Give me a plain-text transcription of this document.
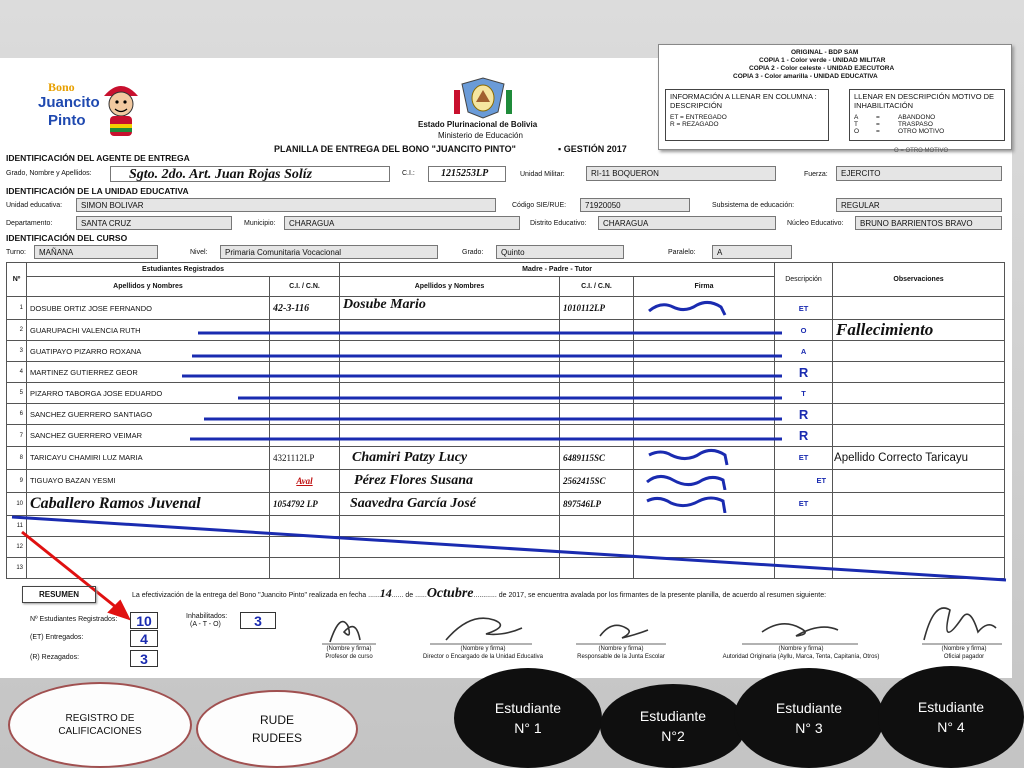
Bono
Juancito
Pinto	Estado Plurinacional de Bolivia
Ministerio de Educación
PLANILLA DE ENTREGA DEL BONO "JUANCITO PINTO"	▪ GESTIÓN 2017
ORIGINAL - BDP SAM
COPIA 1 - Color verde - UNIDAD MILITAR
COPIA 2 - Color celeste - UNIDAD EJECUTORA
COPIA 3 - Color amarilla - UNIDAD EDUCATIVA
INFORMACIÓN A LLENAR EN COLUMNA : DESCRIPCIÓN
ET = ENTREGADO
R = REZAGADO
LLENAR EN DESCRIPCIÓN MOTIVO DE INHABILITACIÓN
A	=	ABANDONO
T	=	TRASPASO
O	=	OTRO MOTIVO
O = OTRO MOTIVO
IDENTIFICACIÓN DEL AGENTE DE ENTREGA
Grado, Nombre y Apellidos:	Sgto. 2do. Art. Juan Rojas Solíz	C.I.:	1215253LP	Unidad Militar:	RI-11 BOQUERON	Fuerza:	EJERCITO
IDENTIFICACIÓN DE LA UNIDAD EDUCATIVA
Unidad educativa:	SIMON BOLIVAR	Código SIE/RUE:	71920050	Subsistema de educación:	REGULAR
Departamento:	SANTA CRUZ	Municipio:	CHARAGUA	Distrito Educativo:	CHARAGUA	Núcleo Educativo:	BRUNO BARRIENTOS BRAVO
IDENTIFICACIÓN DEL CURSO
Turno:	MAÑANA	Nivel:	Primaria Comunitaria Vocacional	Grado:	Quinto	Paralelo:	A
Nº	Estudiantes Registrados		Madre - Padre - Tutor			Descripción	Observaciones
	Apellidos y Nombres	C.I. / C.N.	Apellidos y Nombres	C.I. / C.N.	Firma		
1	DOSUBE ORTIZ JOSE FERNANDO	42-3-116	Dosube Mario	1010112LP		ET	
2	GUARUPACHI VALENCIA RUTH					O	Fallecimiento
3	GUATIPAYO PIZARRO ROXANA					A	
4	MARTINEZ GUTIERREZ GEOR					R	
5	PIZARRO TABORGA JOSE EDUARDO					T	
6	SANCHEZ GUERRERO SANTIAGO					R	
7	SANCHEZ GUERRERO VEIMAR					R	
8	TARICAYU CHAMIRI LUZ MARIA	4321112LP	Chamiri Patzy Lucy	6489115SC		ET	Apellido Correcto Taricayu
9	TIGUAYO BAZAN YESMI	Aval	Pérez Flores Susana	2562415SC		ET	
10	Caballero Ramos Juvenal	1054792 LP	Saavedra García José	897546LP		ET	
11							
12							
13							
La efectivización de la entrega del Bono "Juancito Pinto" realizada en fecha ......14...... de ......Octubre............ de 2017, se encuentra avalada por los firmantes de la presente planilla, de acuerdo al resumen siguiente:
RESUMEN
Nº Estudiantes Registrados:	10
(ET) Entregados:	4
(R) Rezagados:	3
Inhabilitados:
(A - T - O)	3
(Nombre y firma)
Profesor de curso
(Nombre y firma)
Director o Encargado de la Unidad Educativa
(Nombre y firma)
Responsable de la Junta Escolar
(Nombre y firma)
Autoridad Originaria (Ayllu, Marca, Tenta, Capitanía, Otros)
(Nombre y firma)
Oficial pagador
REGISTRO DE
CALIFICACIONES
RUDE
RUDEES
Estudiante
N° 1
Estudiante
N°2
Estudiante
N° 3
Estudiante
N° 4
